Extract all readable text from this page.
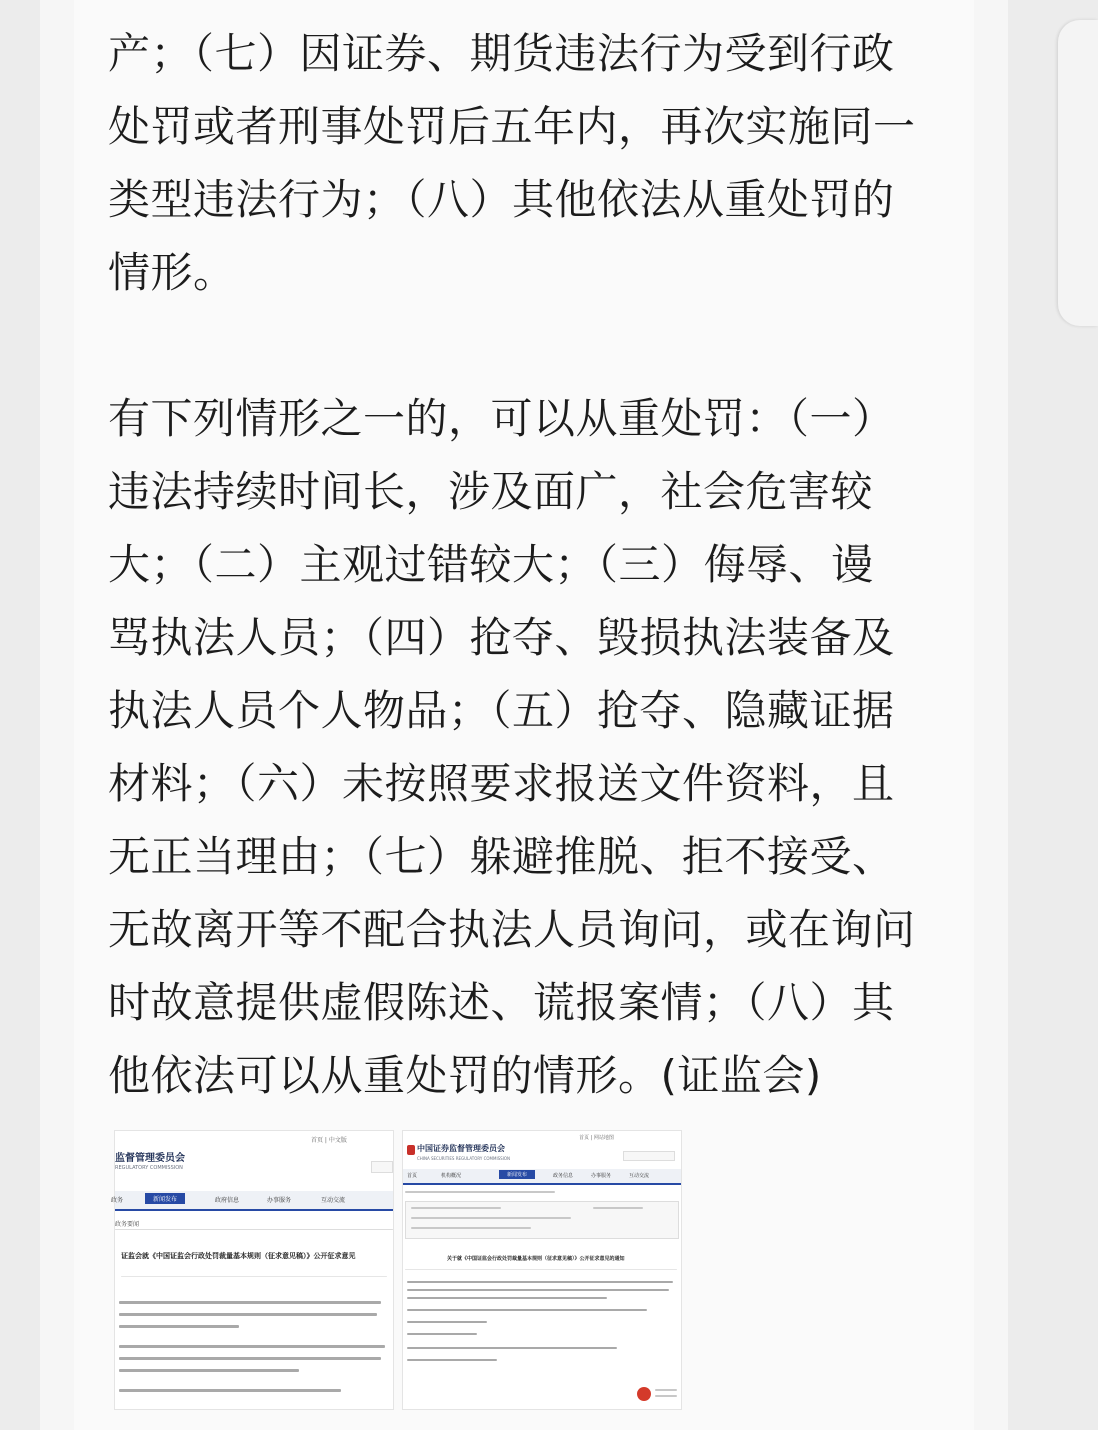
产；（七）因证券、期货违法行为受到行政
处罚或者刑事处罚后五年内，再次实施同一
类型违法行为；（八）其他依法从重处罚的
情形。

有下列情形之一的，可以从重处罚：（一）
违法持续时间长，涉及面广，社会危害较
大；（二）主观过错较大；（三）侮辱、谩
骂执法人员；（四）抢夺、毁损执法装备及
执法人员个人物品；（五）抢夺、隐藏证据
材料；（六）未按照要求报送文件资料，且
无正当理由；（七）躲避推脱、拒不接受、
无故离开等不配合执法人员询问，或在询问
时故意提供虚假陈述、谎报案情；（八）其
他依法可以从重处罚的情形。(证监会)

首页 | 中文版
监督管理委员会
REGULATORY COMMISSION
政务	新闻发布	政府信息	办事服务	互动交流
政务要闻
证监会就《中国证监会行政处罚裁量基本规则（征求意见稿）》公开征求意见
中国证券监督管理委员会
CHINA SECURITIES REGULATORY COMMISSION
首页 | 网站地图
首页	机构概况	新闻发布	政务信息	办事服务	互动交流
关于就《中国证监会行政处罚裁量基本规则（征求意见稿）》公开征求意见的通知
